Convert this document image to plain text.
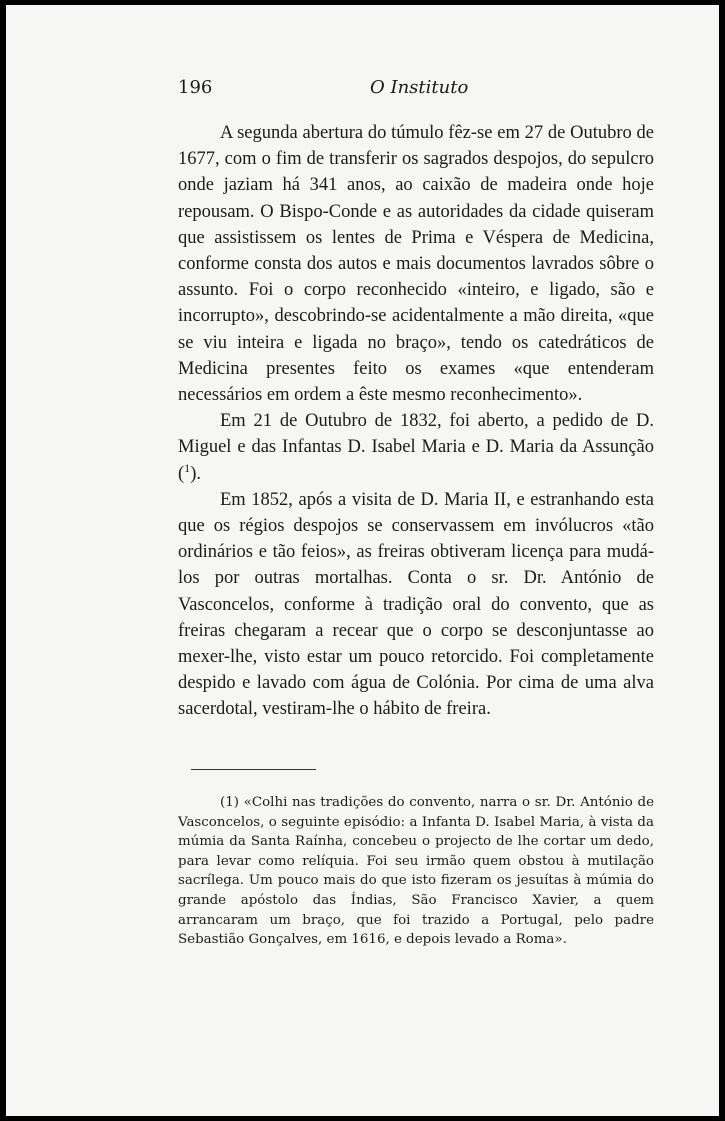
196	O Instituto

A segunda abertura do túmulo fêz-se em 27 de Outubro de 1677, com o fim de transferir os sagrados despojos, do sepulcro onde jaziam há 341 anos, ao caixão de madeira onde hoje repousam. O Bispo-Conde e as autoridades da cidade quiseram que assistissem os lentes de Prima e Véspera de Medicina, conforme consta dos autos e mais documentos lavrados sôbre o assunto. Foi o corpo reconhecido «inteiro, e ligado, são e incorrupto», descobrindo-se acidentalmente a mão direita, «que se viu inteira e ligada no braço», tendo os catedráticos de Medicina presentes feito os exames «que entenderam necessários em ordem a êste mesmo reconhecimento».

Em 21 de Outubro de 1832, foi aberto, a pedido de D. Miguel e das Infantas D. Isabel Maria e D. Maria da Assunção ($^1$).

Em 1852, após a visita de D. Maria II, e estranhando esta que os régios despojos se conservassem em invólucros «tão ordinários e tão feios», as freiras obtiveram licença para mudá-los por outras mortalhas. Conta o sr. Dr. António de Vasconcelos, conforme à tradição oral do convento, que as freiras chegaram a recear que o corpo se desconjuntasse ao mexer-lhe, visto estar um pouco retorcido. Foi completamente despido e lavado com água de Colónia. Por cima de uma alva sacerdotal, vestiram-lhe o hábito de freira.

(1) «Colhi nas tradições do convento, narra o sr. Dr. António de Vasconcelos, o seguinte episódio: a Infanta D. Isabel Maria, à vista da múmia da Santa Raínha, concebeu o projecto de lhe cortar um dedo, para levar como relíquia. Foi seu irmão quem obstou à mutilação sacrílega. Um pouco mais do que isto fizeram os jesuítas à múmia do grande apóstolo das Índias, São Francisco Xavier, a quem arrancaram um braço, que foi trazido a Portugal, pelo padre Sebastião Gonçalves, em 1616, e depois levado a Roma».
